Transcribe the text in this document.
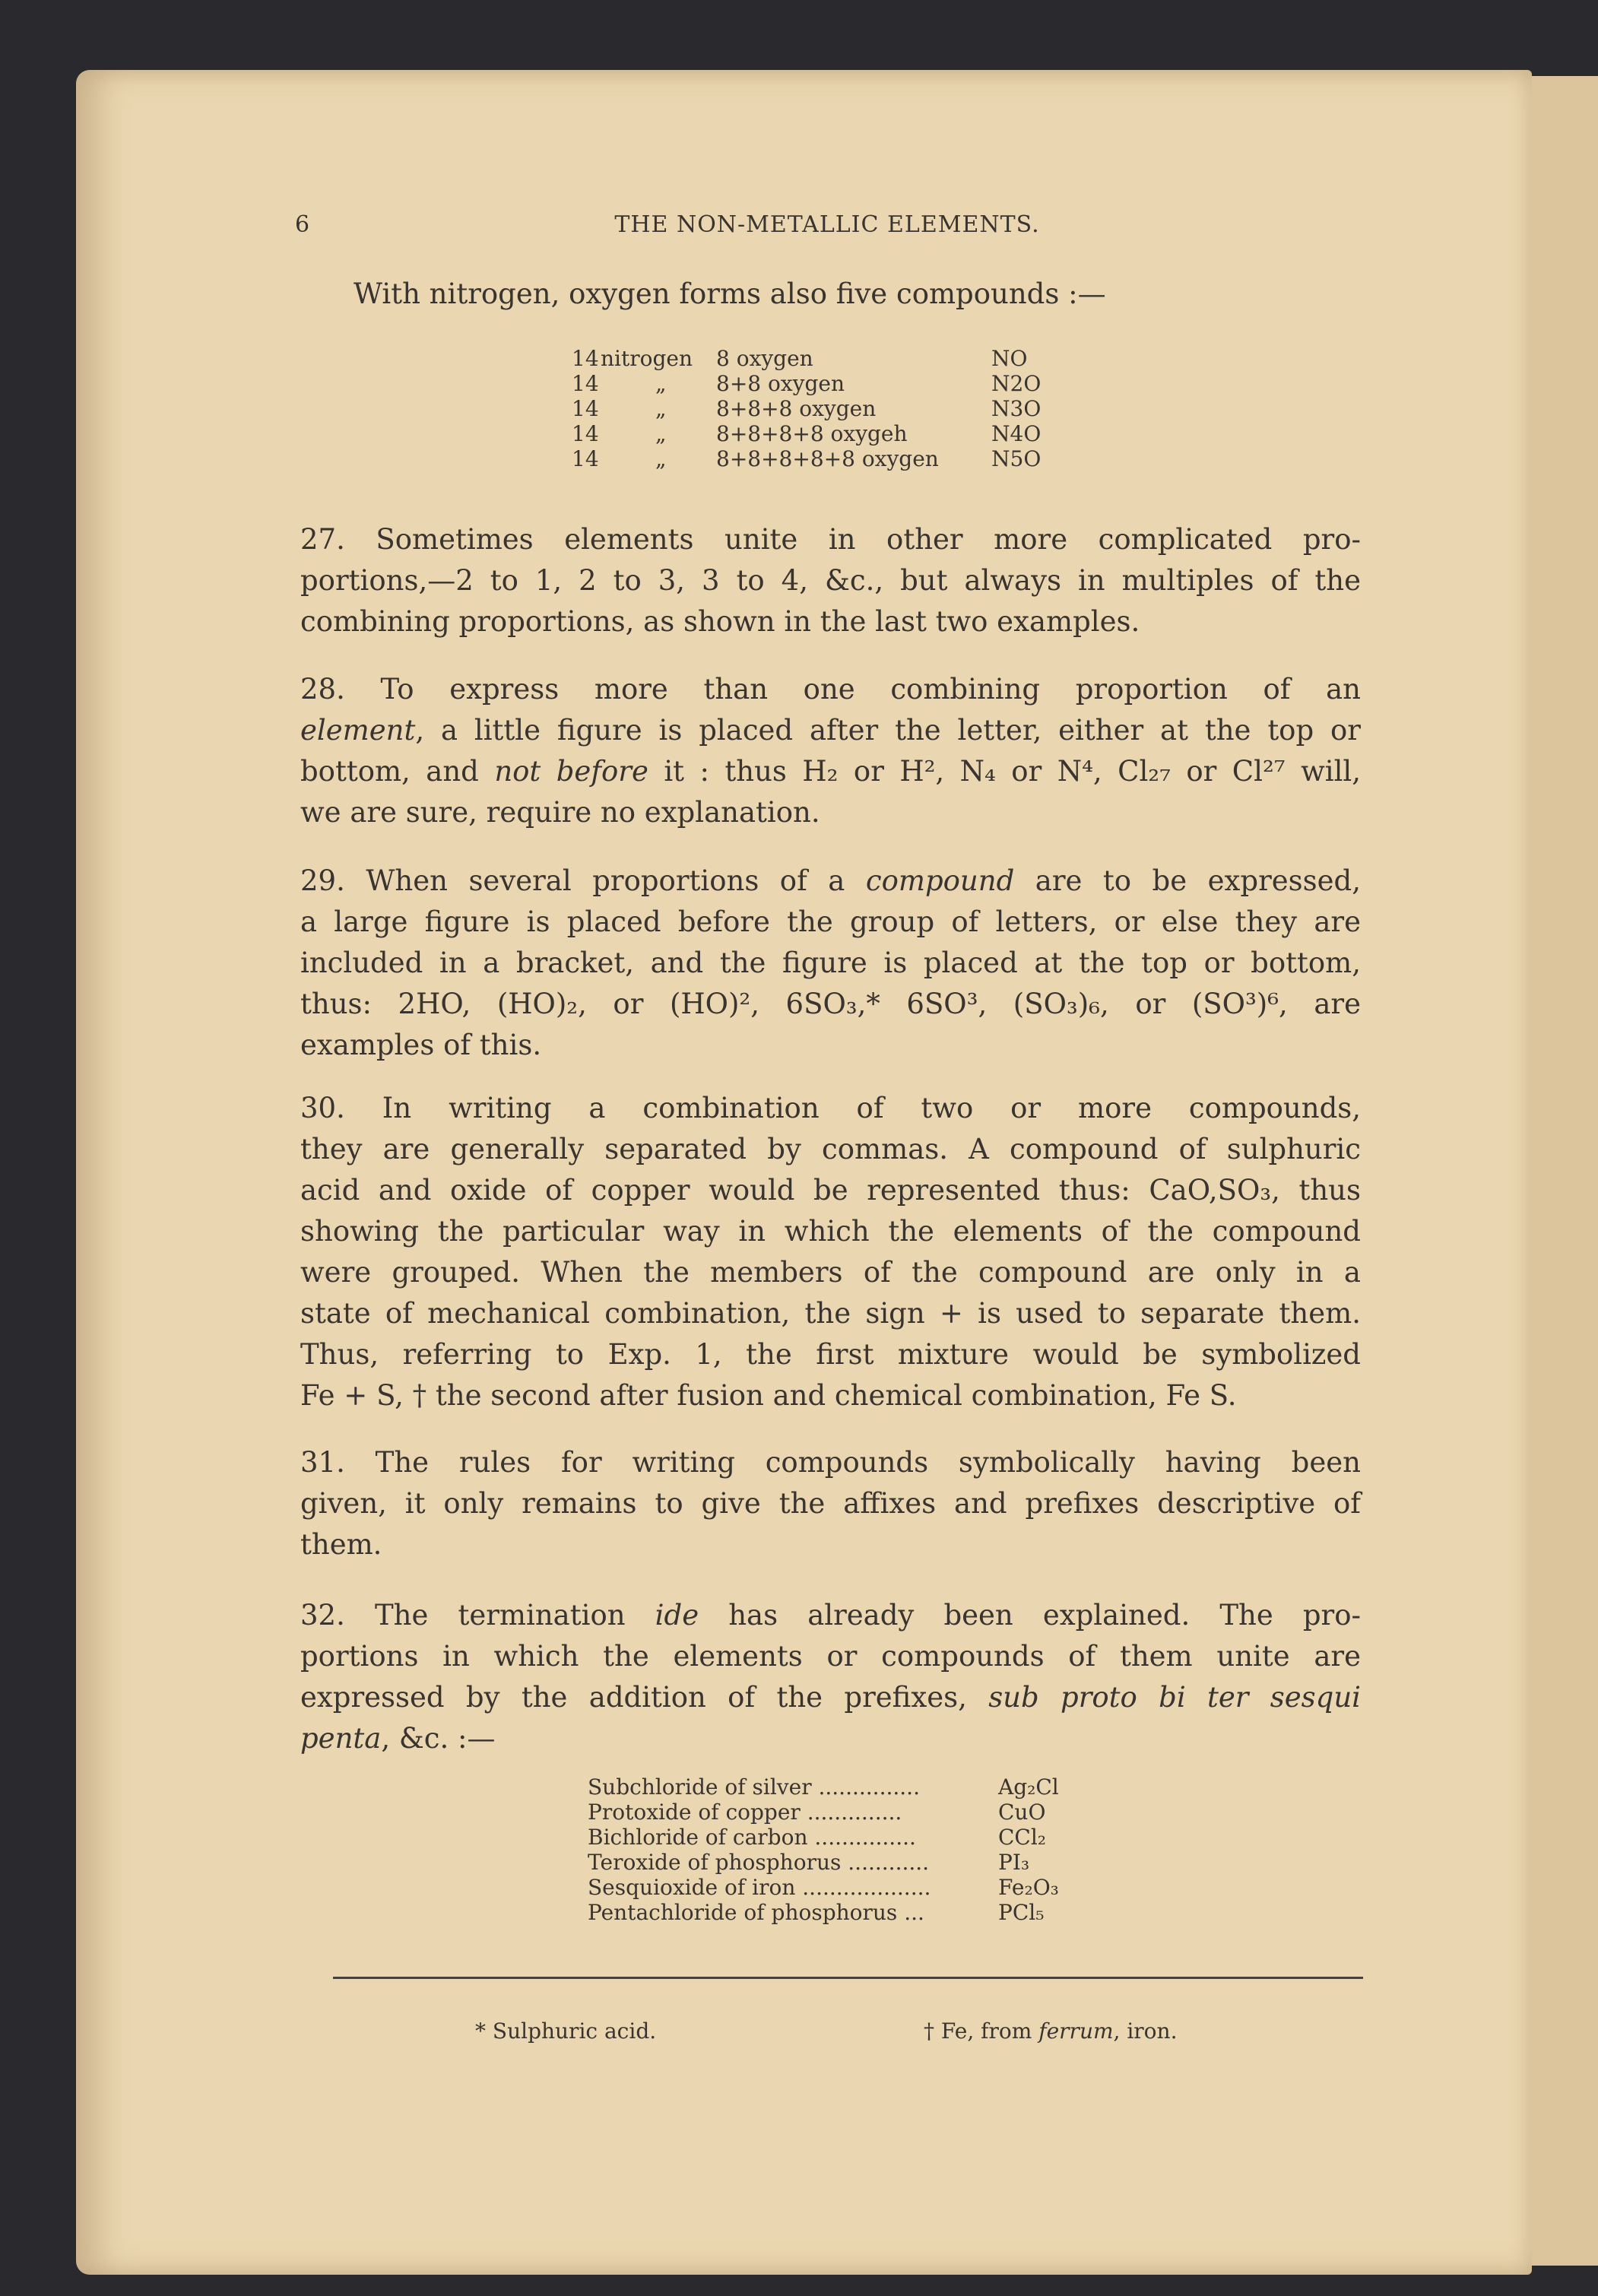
6	THE NON-METALLIC ELEMENTS.
With nitrogen, oxygen forms also five compounds :—
14 nitrogen 8 oxygen	NO
14	„ 8+8 oxygen	N2O
14	„ 8+8+8 oxygen	N3O
14	„ 8+8+8+8 oxygeh	N4O
14	„ 8+8+8+8+8 oxygen N5O
27. Sometimes elements unite in other more complicated pro-
portions,—2 to 1, 2 to 3, 3 to 4, &c., but always in multiples of the
combining proportions, as shown in the last two examples.
28. To express more than one combining proportion of an
element, a little figure is placed after the letter, either at the top or
bottom, and not before it : thus H₂ or H², N₄ or N⁴, Cl₂₇ or Cl²⁷ will,
we are sure, require no explanation.
29. When several proportions of a compound are to be expressed,
a large figure is placed before the group of letters, or else they are
included in a bracket, and the figure is placed at the top or bottom,
thus: 2HO, (HO)₂, or (HO)², 6SO₃,* 6SO³, (SO₃)₆, or (SO³)⁶, are
examples of this.
30. In writing a combination of two or more compounds,
they are generally separated by commas. A compound of sulphuric
acid and oxide of copper would be represented thus: CaO,SO₃, thus
showing the particular way in which the elements of the compound
were grouped. When the members of the compound are only in a
state of mechanical combination, the sign + is used to separate them.
Thus, referring to Exp. 1, the first mixture would be symbolized
Fe + S, † the second after fusion and chemical combination, Fe S.
31. The rules for writing compounds symbolically having been
given, it only remains to give the affixes and prefixes descriptive of
them.
32. The termination ide has already been explained. The pro-
portions in which the elements or compounds of them unite are
expressed by the addition of the prefixes, sub proto bi ter sesqui
penta, &c. :—
Subchloride of silver ...............	Ag₂Cl
Protoxide of copper ..............	CuO
Bichloride of carbon ...............	CCl₂
Teroxide of phosphorus ............	PI₃
Sesquioxide of iron ...................	Fe₂O₃
Pentachloride of phosphorus ...	PCl₅
* Sulphuric acid.	† Fe, from ferrum, iron.
